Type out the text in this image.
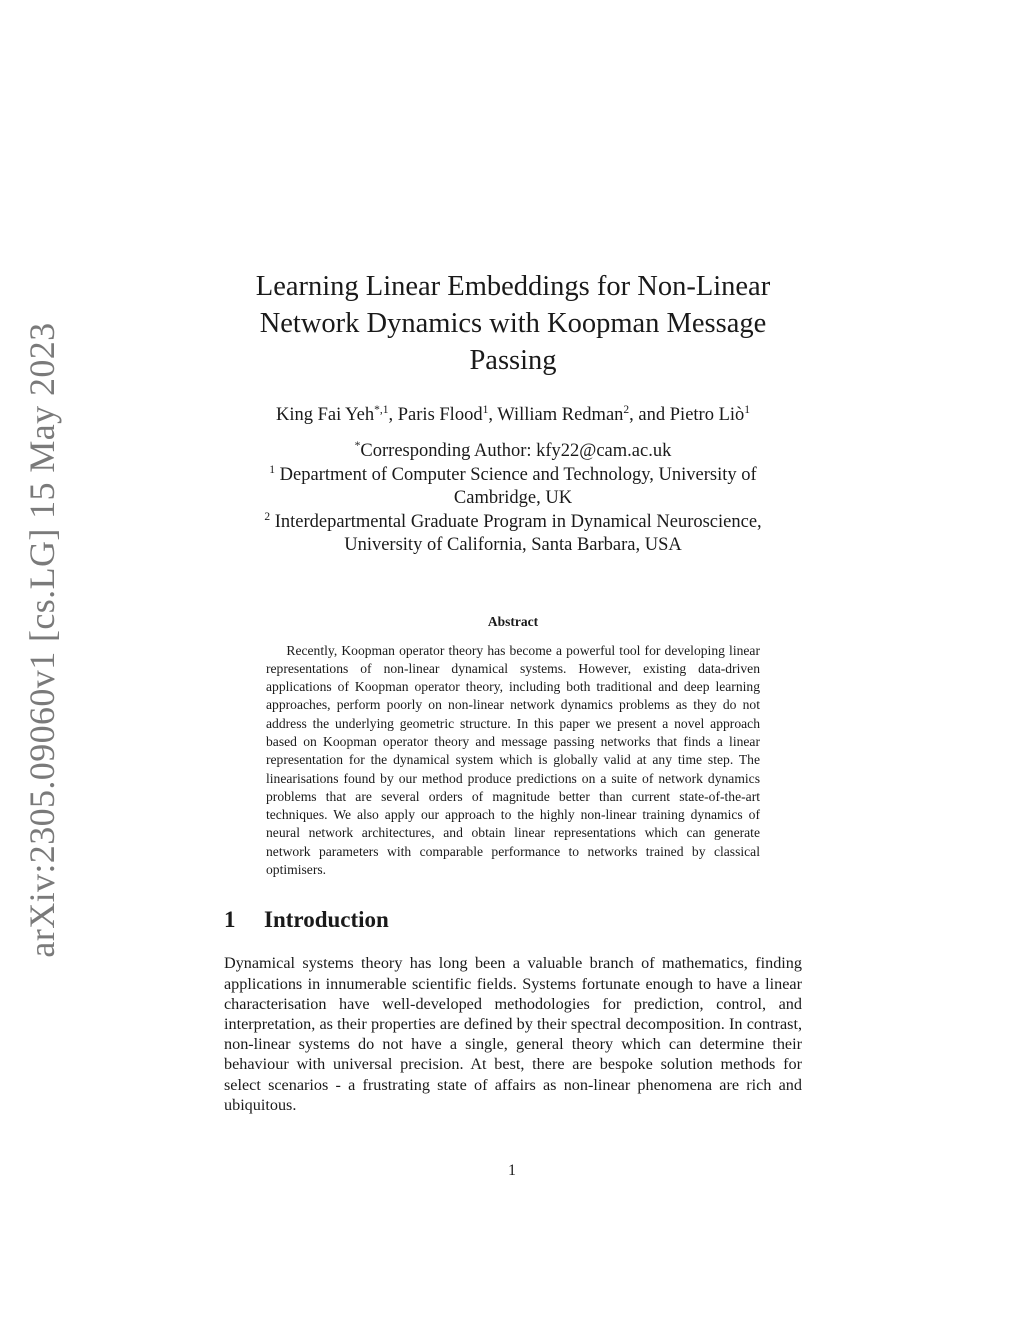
arXiv:2305.09060v1 [cs.LG] 15 May 2023
Learning Linear Embeddings for Non-Linear Network Dynamics with Koopman Message Passing
King Fai Yeh$^{*,1}$, Paris Flood$^1$, William Redman$^2$, and Pietro Liò$^1$

*Corresponding Author: kfy22@cam.ac.uk

$^1$ Department of Computer Science and Technology, University of Cambridge, UK

$^2$ Interdepartmental Graduate Program in Dynamical Neuroscience, University of California, Santa Barbara, USA

Abstract
Recently, Koopman operator theory has become a powerful tool for developing linear representations of non-linear dynamical systems. However, existing data-driven applications of Koopman operator theory, including both traditional and deep learning approaches, perform poorly on non-linear network dynamics problems as they do not address the underlying geometric structure. In this paper we present a novel approach based on Koopman operator theory and message passing networks that finds a linear representation for the dynamical system which is globally valid at any time step. The linearisations found by our method produce predictions on a suite of network dynamics problems that are several orders of magnitude better than current state-of-the-art techniques. We also apply our approach to the highly non-linear training dynamics of neural network architectures, and obtain linear representations which can generate network parameters with comparable performance to networks trained by classical optimisers.
1	Introduction
Dynamical systems theory has long been a valuable branch of mathematics, finding applications in innumerable scientific fields. Systems fortunate enough to have a linear characterisation have well-developed methodologies for prediction, control, and interpretation, as their properties are defined by their spectral decomposition. In contrast, non-linear systems do not have a single, general theory which can determine their behaviour with universal precision. At best, there are bespoke solution methods for select scenarios - a frustrating state of affairs as non-linear phenomena are rich and ubiquitous.
1
